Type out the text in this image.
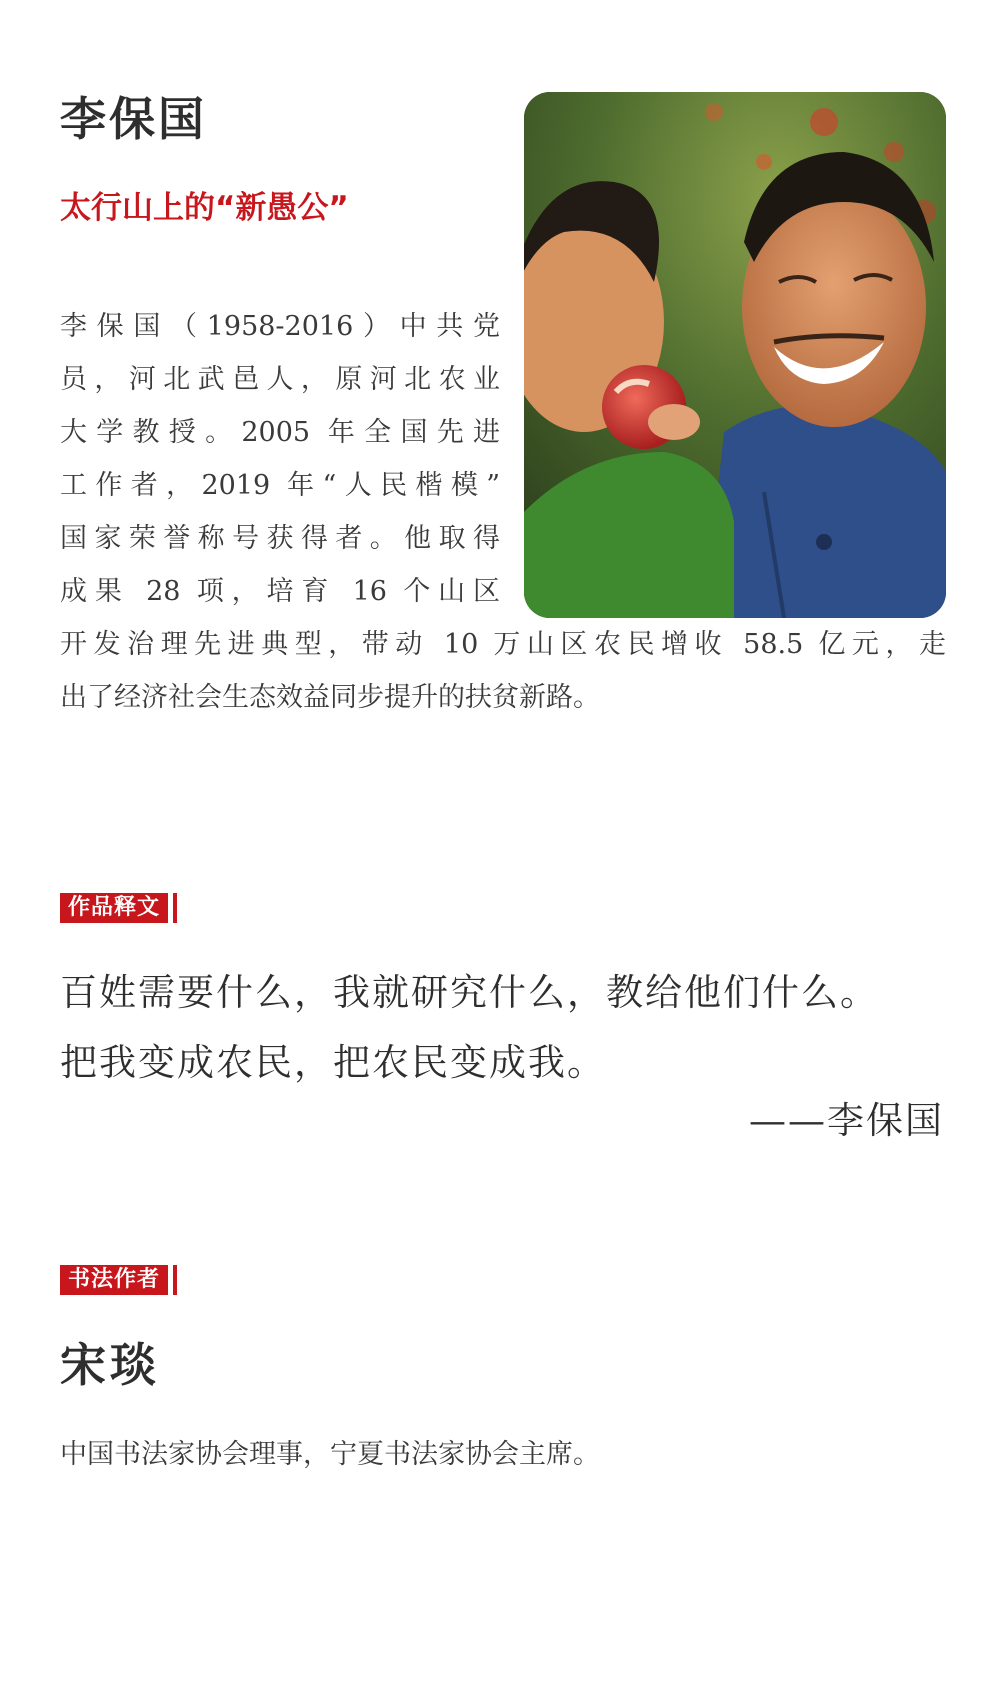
李保国
太行山上的“新愚公”
李保国（1958-2016）中共党
员，河北武邑人，原河北农业
大学教授。2005 年全国先进
工作者，2019 年“人民楷模”
国家荣誉称号获得者。他取得
成果 28 项，培育 16 个山区
开发治理先进典型，带动 10 万山区农民增收 58.5 亿元，走
出了经济社会生态效益同步提升的扶贫新路。
作品释文
百姓需要什么，我就研究什么，教给他们什么。
把我变成农民，把农民变成我。
——李保国
书法作者
宋琰
中国书法家协会理事，宁夏书法家协会主席。
